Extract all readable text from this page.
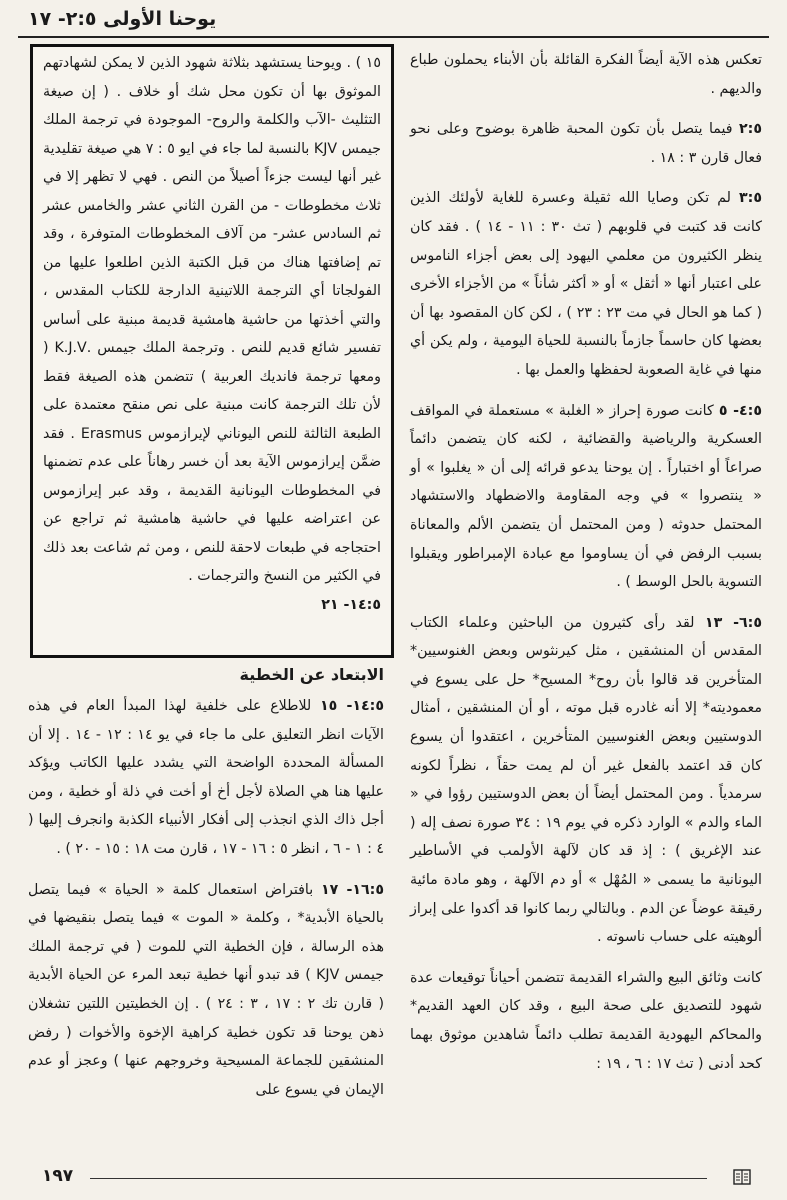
يوحنا الأولى ٢:٥- ١٧
١٥ ) . ويوحنا يستشهد بثلاثة شهود الذين لا يمكن لشهادتهم الموثوق بها أن تكون محل شك أو خلاف . ( إن صيغة التثليث -الآب والكلمة والروح- الموجودة في ترجمة الملك جيمس KJV بالنسبة لما جاء في ايو ٥ : ٧ هي صيغة تقليدية غير أنها ليست جزءاً أصيلاً من النص . فهي لا تظهر إلا في ثلاث مخطوطات - من القرن الثاني عشر والخامس عشر ثم السادس عشر- من آلاف المخطوطات المتوفرة ، وقد تم إضافتها هناك من قبل الكتبة الذين اطلعوا عليها من الفولجاتا أي الترجمة اللاتينية الدارجة للكتاب المقدس ، والتي أخذتها من حاشية هامشية قديمة مبنية على أساس تفسير شائع قديم للنص . وترجمة الملك جيمس .K.J.V ( ومعها ترجمة فانديك العربية ) تتضمن هذه الصيغة فقط لأن تلك الترجمة كانت مبنية على نص منقح معتمدة على الطبعة الثالثة للنص اليوناني لإيرازموس Erasmus . فقد ضمَّن إيرازموس الآية بعد أن خسر رهاناً على عدم تضمنها في المخطوطات اليونانية القديمة ، وقد عبر إيرازموس عن اعتراضه عليها في حاشية هامشية ثم تراجع عن احتجاجه في طبعات لاحقة للنص ، ومن ثم شاعت بعد ذلك في الكثير من النسخ والترجمات .
١٤:٥- ٢١

تعكس هذه الآية أيضاً الفكرة القائلة بأن الأبناء يحملون طباع والديهم .

٢:٥ فيما يتصل بأن تكون المحبة ظاهرة بوضوح وعلى نحو فعال قارن ٣ : ١٨ .

٣:٥ لم تكن وصايا الله ثقيلة وعسرة للغاية لأولئك الذين كانت قد كتبت في قلوبهم ( تث ٣٠ : ١١ - ١٤ ) . فقد كان ينظر الكثيرون من معلمي اليهود إلى بعض أجزاء الناموس على اعتبار أنها « أثقل » أو « أكثر شأناً » من الأجزاء الأخرى ( كما هو الحال في مت ٢٣ : ٢٣ ) ، لكن كان المقصود بها أن بعضها كان حاسماً جازماً بالنسبة للحياة اليومية ، ولم يكن أي منها في غاية الصعوبة لحفظها والعمل بها .

٤:٥- ٥ كانت صورة إحراز « الغلبة » مستعملة في المواقف العسكرية والرياضية والقضائية ، لكنه كان يتضمن دائماً صراعاً أو اختباراً . إن يوحنا يدعو قرائه إلى أن « يغلبوا » أو « ينتصروا » في وجه المقاومة والاضطهاد والاستشهاد المحتمل حدوثه ( ومن المحتمل أن يتضمن الألم والمعاناة بسبب الرفض في أن يساوموا مع عبادة الإمبراطور ويقبلوا التسوية بالحل الوسط ) .

٦:٥- ١٣ لقد رأى كثيرون من الباحثين وعلماء الكتاب المقدس أن المنشقين ، مثل كيرنثوس وبعض الغنوسيين* المتأخرين قد قالوا بأن روح* المسيح* حل على يسوع في معموديته* إلا أنه غادره قبل موته ، أو أن المنشقين ، أمثال الدوستيين وبعض الغنوسيين المتأخرين ، اعتقدوا أن يسوع كان قد اعتمد بالفعل غير أن لم يمت حقاً ، نظراً لكونه سرمدياً . ومن المحتمل أيضاً أن بعض الدوستيين رؤوا في « الماء والدم » الوارد ذكره في يوم ١٩ : ٣٤ صورة نصف إله ( عند الإغريق ) : إذ قد كان لآلهة الأولمب في الأساطير اليونانية ما يسمى « المُهْل » أو دم الآلهة ، وهو مادة مائية رقيقة عوضاً عن الدم . وبالتالي ربما كانوا قد أكدوا على إبراز ألوهيته على حساب ناسوته .

كانت وثائق البيع والشراء القديمة تتضمن أحياناً توقيعات عدة شهود للتصديق على صحة البيع ، وقد كان العهد القديم* والمحاكم اليهودية القديمة تطلب دائماً شاهدين موثوق بهما كحد أدنى ( تث ١٧ : ٦ ، ١٩ :

الابتعاد عن الخطية

١٤:٥- ١٥ للاطلاع على خلفية لهذا المبدأ العام في هذه الآيات انظر التعليق على ما جاء في يو ١٤ : ١٢ - ١٤ . إلا أن المسألة المحددة الواضحة التي يشدد عليها الكاتب ويؤكد عليها هنا هي الصلاة لأجل أخ أو أخت في ذلة أو خطية ، ومن أجل ذاك الذي انجذب إلى أفكار الأنبياء الكذبة وانجرف إليها ( ٤ : ١ - ٦ ، انظر ٥ : ١٦ - ١٧ ، قارن مت ١٨ : ١٥ - ٢٠ ) .

١٦:٥- ١٧ بافتراض استعمال كلمة « الحياة » فيما يتصل بالحياة الأبدية* ، وكلمة « الموت » فيما يتصل بنقيضها في هذه الرسالة ، فإن الخطية التي للموت ( في ترجمة الملك جيمس KJV ) قد تبدو أنها خطية تبعد المرء عن الحياة الأبدية ( قارن تك ٢ : ١٧ ، ٣ : ٢٤ ) . إن الخطيتين اللتين تشغلان ذهن يوحنا قد تكون خطية كراهية الإخوة والأخوات ( رفض المنشقين للجماعة المسيحية وخروجهم عنها ) وعجز أو عدم الإيمان في يسوع على

١٩٧
